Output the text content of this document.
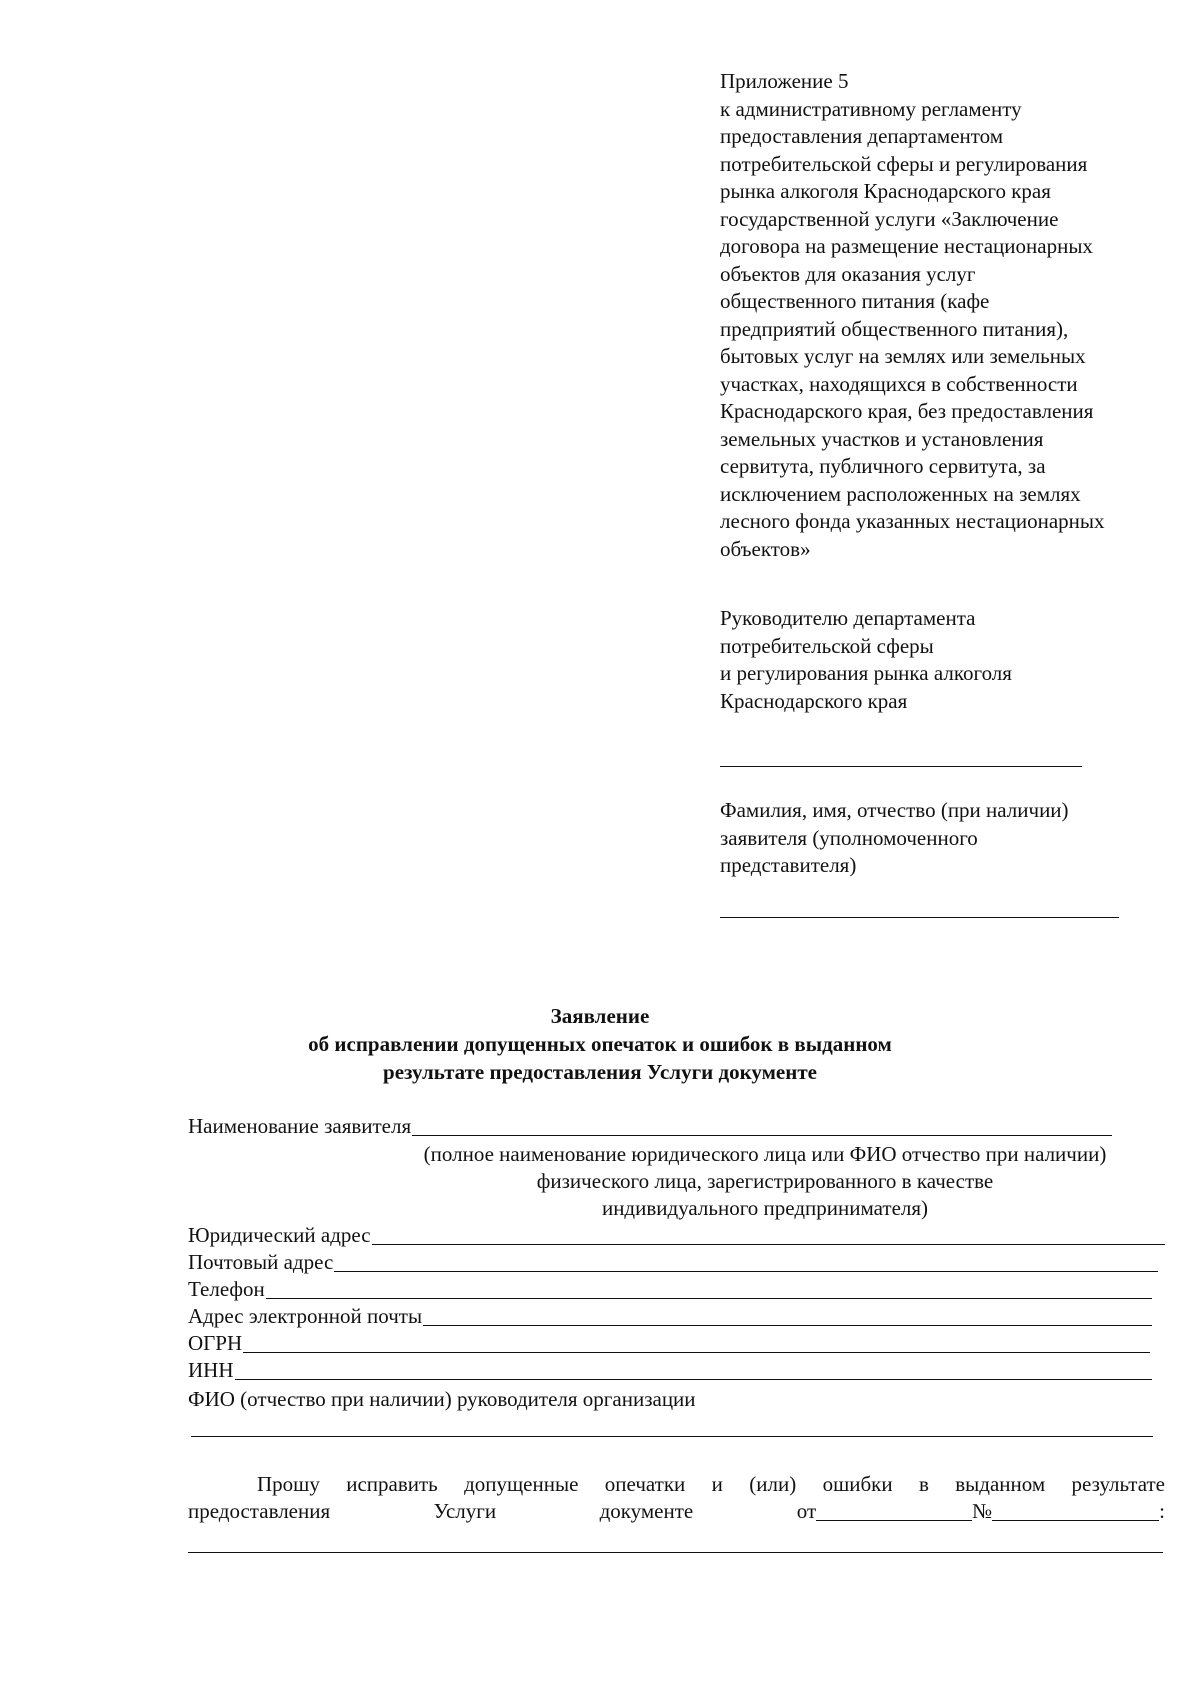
Приложение 5
к административному регламенту
предоставления департаментом
потребительской сферы и регулирования
рынка алкоголя Краснодарского края
государственной услуги «Заключение
договора на размещение нестационарных
объектов для оказания услуг
общественного питания (кафе
предприятий общественного питания),
бытовых услуг на землях или земельных
участках, находящихся в собственности
Краснодарского края, без предоставления
земельных участков и установления
сервитута, публичного сервитута, за
исключением расположенных на землях
лесного фонда указанных нестационарных
объектов»
Руководителю департамента
потребительской сферы
и регулирования рынка алкоголя
Краснодарского края
Фамилия, имя, отчество (при наличии)
заявителя (уполномоченного
представителя)
Заявление
об исправлении допущенных опечаток и ошибок в выданном
результате предоставления Услуги документе
Наименование заявителя
(полное наименование юридического лица или ФИО отчество при наличии)
физического лица, зарегистрированного в качестве
индивидуального предпринимателя)
Юридический адрес
Почтовый адрес
Телефон
Адрес электронной почты
ОГРН
ИНН
ФИО (отчество при наличии) руководителя организации
Прошу исправить допущенные опечатки и (или) ошибки в выданном результате
предоставления	Услуги	документе	от	№	:
